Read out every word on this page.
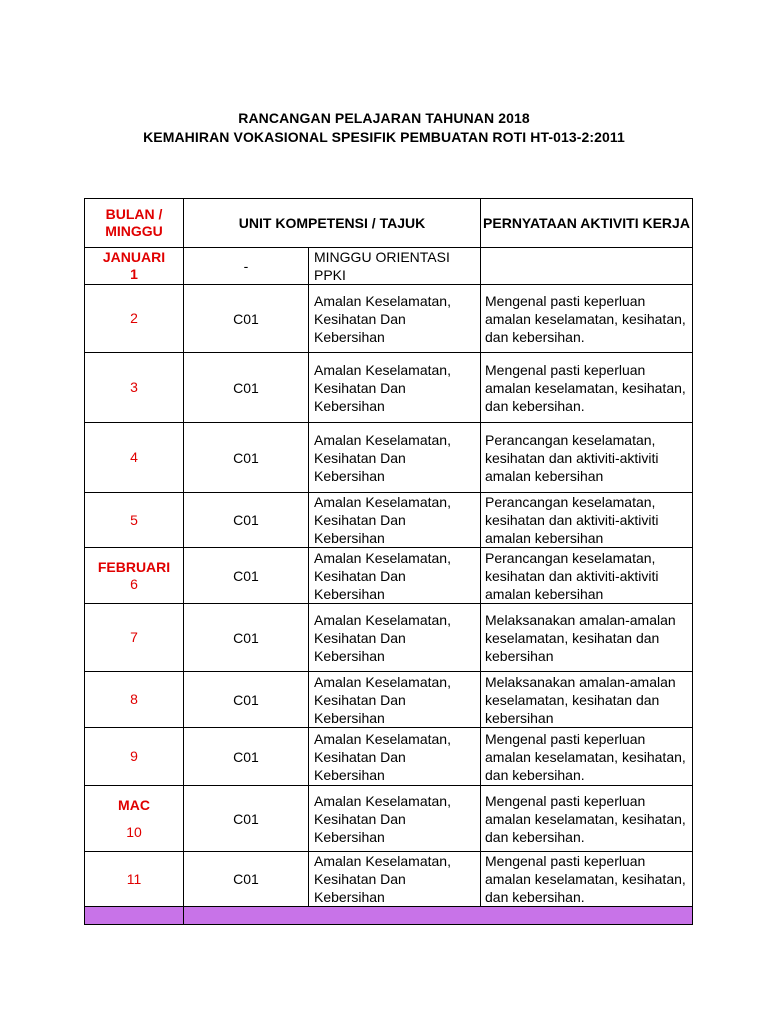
RANCANGAN PELAJARAN TAHUNAN 2018
KEMAHIRAN VOKASIONAL SPESIFIK PEMBUATAN ROTI HT-013-2:2011
BULAN / MINGGU	UNIT KOMPETENSI / TAJUK		PERNYATAAN AKTIVITI KERJA

JANUARI
1	-	MINGGU ORIENTASI PPKI	

2	C01	Amalan Keselamatan, Kesihatan Dan Kebersihan	Mengenal pasti keperluan amalan keselamatan, kesihatan, dan kebersihan.

3	C01	Amalan Keselamatan, Kesihatan Dan Kebersihan	Mengenal pasti keperluan amalan keselamatan, kesihatan, dan kebersihan.

4	C01	Amalan Keselamatan, Kesihatan Dan Kebersihan	Perancangan keselamatan, kesihatan dan aktiviti-aktiviti amalan kebersihan

5	C01	Amalan Keselamatan, Kesihatan Dan Kebersihan	Perancangan keselamatan, kesihatan dan aktiviti-aktiviti amalan kebersihan

FEBRUARI
6	C01	Amalan Keselamatan, Kesihatan Dan Kebersihan	Perancangan keselamatan, kesihatan dan aktiviti-aktiviti amalan kebersihan

7	C01	Amalan Keselamatan, Kesihatan Dan Kebersihan	Melaksanakan amalan-amalan keselamatan, kesihatan dan kebersihan

8	C01	Amalan Keselamatan, Kesihatan Dan Kebersihan	Melaksanakan amalan-amalan keselamatan, kesihatan dan kebersihan

9	C01	Amalan Keselamatan, Kesihatan Dan Kebersihan	Mengenal pasti keperluan amalan keselamatan, kesihatan, dan kebersihan.

MAC
10	C01	Amalan Keselamatan, Kesihatan Dan Kebersihan	Mengenal pasti keperluan amalan keselamatan, kesihatan, dan kebersihan.

11	C01	Amalan Keselamatan, Kesihatan Dan Kebersihan	Mengenal pasti keperluan amalan keselamatan, kesihatan, dan kebersihan.
